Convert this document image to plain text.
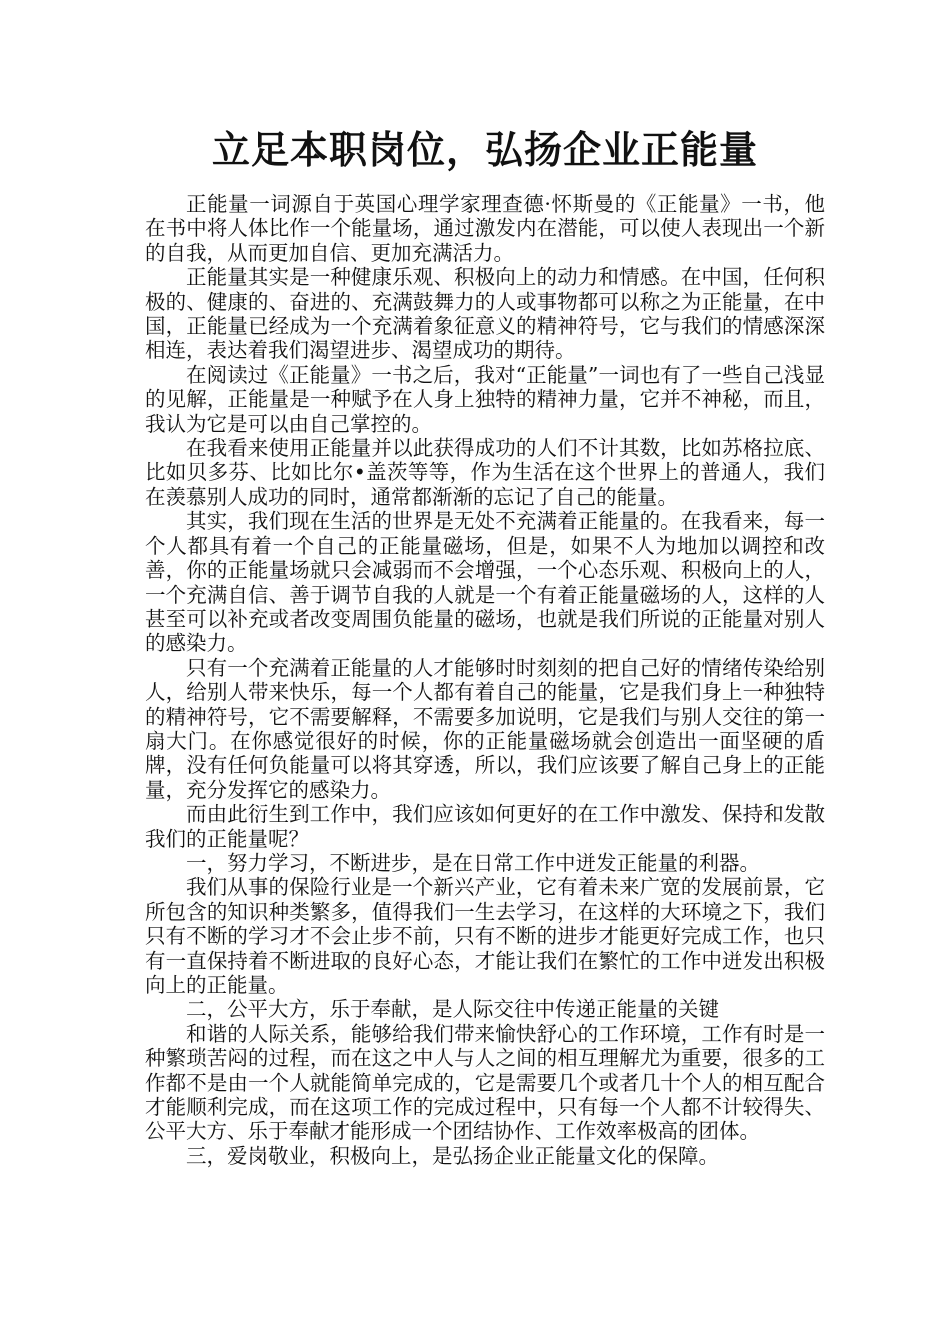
立足本职岗位，弘扬企业正能量

正能量一词源自于英国心理学家理查德·怀斯曼的《正能量》一书，他在书中将人体比作一个能量场，通过激发内在潜能，可以使人表现出一个新的自我，从而更加自信、更加充满活力。

正能量其实是一种健康乐观、积极向上的动力和情感。在中国，任何积极的、健康的、奋进的、充满鼓舞力的人或事物都可以称之为正能量，在中国，正能量已经成为一个充满着象征意义的精神符号，它与我们的情感深深相连，表达着我们渴望进步、渴望成功的期待。

在阅读过《正能量》一书之后，我对“正能量”一词也有了一些自己浅显的见解，正能量是一种赋予在人身上独特的精神力量，它并不神秘，而且，我认为它是可以由自己掌控的。

在我看来使用正能量并以此获得成功的人们不计其数，比如苏格拉底、比如贝多芬、比如比尔•盖茨等等，作为生活在这个世界上的普通人，我们在羡慕别人成功的同时，通常都渐渐的忘记了自己的能量。

其实，我们现在生活的世界是无处不充满着正能量的。在我看来，每一个人都具有着一个自己的正能量磁场，但是，如果不人为地加以调控和改善，你的正能量场就只会减弱而不会增强，一个心态乐观、积极向上的人，一个充满自信、善于调节自我的人就是一个有着正能量磁场的人，这样的人甚至可以补充或者改变周围负能量的磁场，也就是我们所说的正能量对别人的感染力。

只有一个充满着正能量的人才能够时时刻刻的把自己好的情绪传染给别人，给别人带来快乐，每一个人都有着自己的能量，它是我们身上一种独特的精神符号，它不需要解释，不需要多加说明，它是我们与别人交往的第一扇大门。在你感觉很好的时候，你的正能量磁场就会创造出一面坚硬的盾牌，没有任何负能量可以将其穿透，所以，我们应该要了解自己身上的正能量，充分发挥它的感染力。

而由此衍生到工作中，我们应该如何更好的在工作中激发、保持和发散我们的正能量呢？

一，努力学习，不断进步，是在日常工作中迸发正能量的利器。

我们从事的保险行业是一个新兴产业，它有着未来广宽的发展前景，它所包含的知识种类繁多，值得我们一生去学习，在这样的大环境之下，我们只有不断的学习才不会止步不前，只有不断的进步才能更好完成工作，也只有一直保持着不断进取的良好心态，才能让我们在繁忙的工作中迸发出积极向上的正能量。

二，公平大方，乐于奉献，是人际交往中传递正能量的关键

和谐的人际关系，能够给我们带来愉快舒心的工作环境，工作有时是一种繁琐苦闷的过程，而在这之中人与人之间的相互理解尤为重要，很多的工作都不是由一个人就能简单完成的，它是需要几个或者几十个人的相互配合才能顺利完成，而在这项工作的完成过程中，只有每一个人都不计较得失、公平大方、乐于奉献才能形成一个团结协作、工作效率极高的团体。

三，爱岗敬业，积极向上，是弘扬企业正能量文化的保障。
